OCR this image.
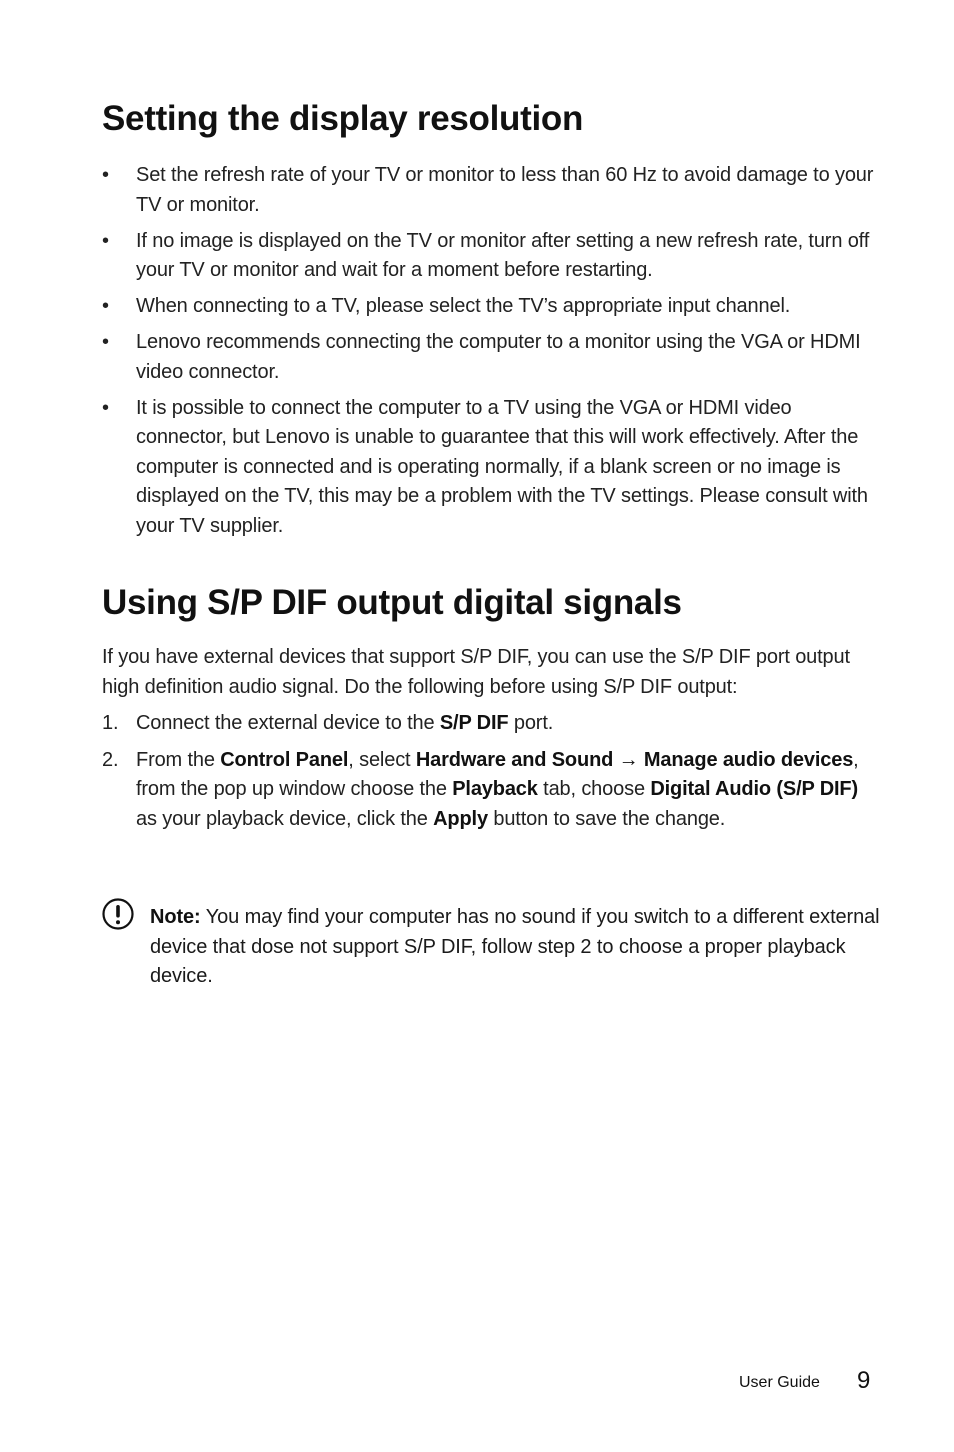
Setting the display resolution
• Set the refresh rate of your TV or monitor to less than 60 Hz to avoid damage to your TV or monitor.
• If no image is displayed on the TV or monitor after setting a new refresh rate, turn off your TV or monitor and wait for a moment before restarting.
• When connecting to a TV, please select the TV’s appropriate input channel.
• Lenovo recommends connecting the computer to a monitor using the VGA or HDMI video connector.
• It is possible to connect the computer to a TV using the VGA or HDMI video connector, but Lenovo is unable to guarantee that this will work effectively. After the computer is connected and is operating normally, if a blank screen or no image is displayed on the TV, this may be a problem with the TV settings. Please consult with your TV supplier.
Using S/P DIF output digital signals

If you have external devices that support S/P DIF, you can use the S/P DIF port output high definition audio signal. Do the following before using S/P DIF output:

1. Connect the external device to the S/P DIF port.
2. From the Control Panel, select Hardware and Sound → Manage audio devices, from the pop up window choose the Playback tab, choose Digital Audio (S/P DIF) as your playback device, click the Apply button to save the change.
Note: You may find your computer has no sound if you switch to a different external device that dose not support S/P DIF, follow step 2 to choose a proper playback device.
User Guide 9
